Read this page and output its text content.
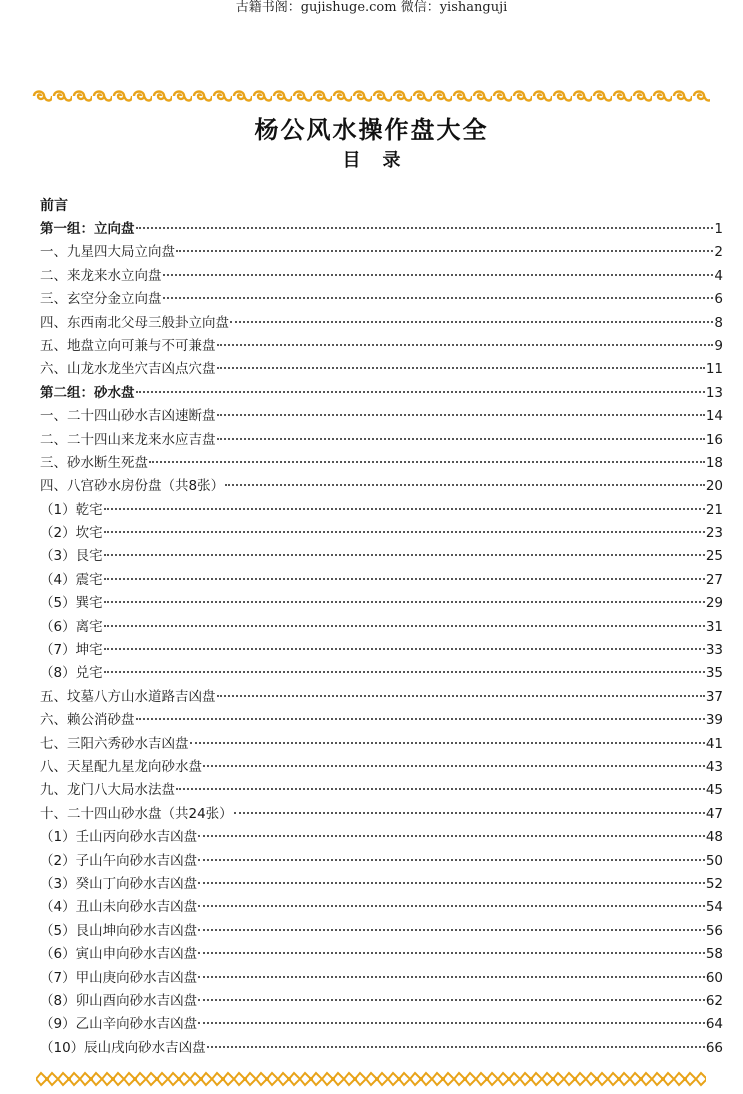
古籍书阁：gujishuge.com 微信：yishanguji
杨公风水操作盘大全
目录
前言
第一组：立向盘	1
一、九星四大局立向盘	2
二、来龙来水立向盘	4
三、玄空分金立向盘	6
四、东西南北父母三般卦立向盘	8
五、地盘立向可兼与不可兼盘	9
六、山龙水龙坐穴吉凶点穴盘	11
第二组：砂水盘	13
一、二十四山砂水吉凶速断盘	14
二、二十四山来龙来水应吉盘	16
三、砂水断生死盘	18
四、八宫砂水房份盘（共8张）	20
（1）乾宅	21
（2）坎宅	23
（3）艮宅	25
（4）震宅	27
（5）巽宅	29
（6）离宅	31
（7）坤宅	33
（8）兑宅	35
五、坟墓八方山水道路吉凶盘	37
六、赖公消砂盘	39
七、三阳六秀砂水吉凶盘	41
八、天星配九星龙向砂水盘	43
九、龙门八大局水法盘	45
十、二十四山砂水盘（共24张）	47
（1）壬山丙向砂水吉凶盘	48
（2）子山午向砂水吉凶盘	50
（3）癸山丁向砂水吉凶盘	52
（4）丑山未向砂水吉凶盘	54
（5）艮山坤向砂水吉凶盘	56
（6）寅山申向砂水吉凶盘	58
（7）甲山庚向砂水吉凶盘	60
（8）卯山酉向砂水吉凶盘	62
（9）乙山辛向砂水吉凶盘	64
（10）辰山戌向砂水吉凶盘	66
